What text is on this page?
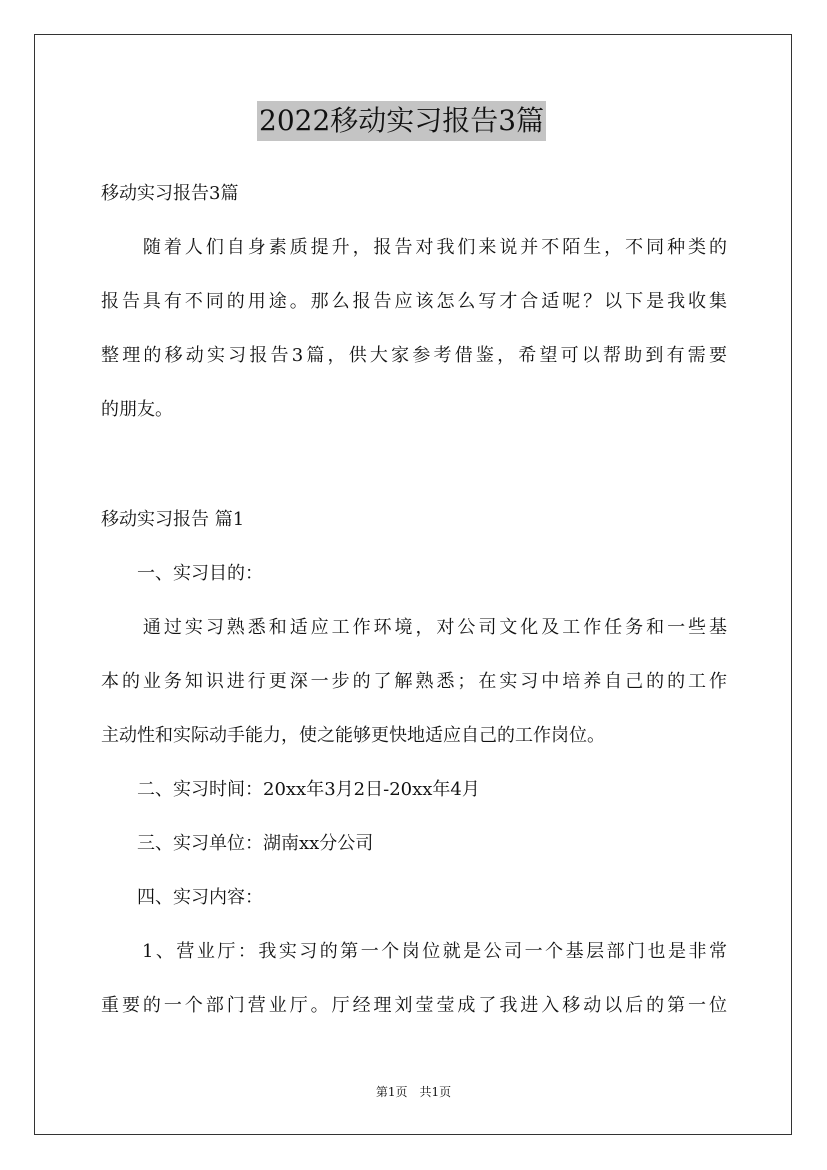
2022移动实习报告3篇
移动实习报告3篇
　　随着人们自身素质提升，报告对我们来说并不陌生，不同种类的
报告具有不同的用途。那么报告应该怎么写才合适呢？以下是我收集
整理的移动实习报告3篇，供大家参考借鉴，希望可以帮助到有需要
的朋友。
移动实习报告 篇1
　　一、实习目的：
　　通过实习熟悉和适应工作环境，对公司文化及工作任务和一些基
本的业务知识进行更深一步的了解熟悉；在实习中培养自己的的工作
主动性和实际动手能力，使之能够更快地适应自己的工作岗位。
　　二、实习时间：20xx年3月2日-20xx年4月
　　三、实习单位：湖南xx分公司
　　四、实习内容：
　　1、营业厅：我实习的第一个岗位就是公司一个基层部门也是非常
重要的一个部门营业厅。厅经理刘莹莹成了我进入移动以后的第一位
第1页　共1页
